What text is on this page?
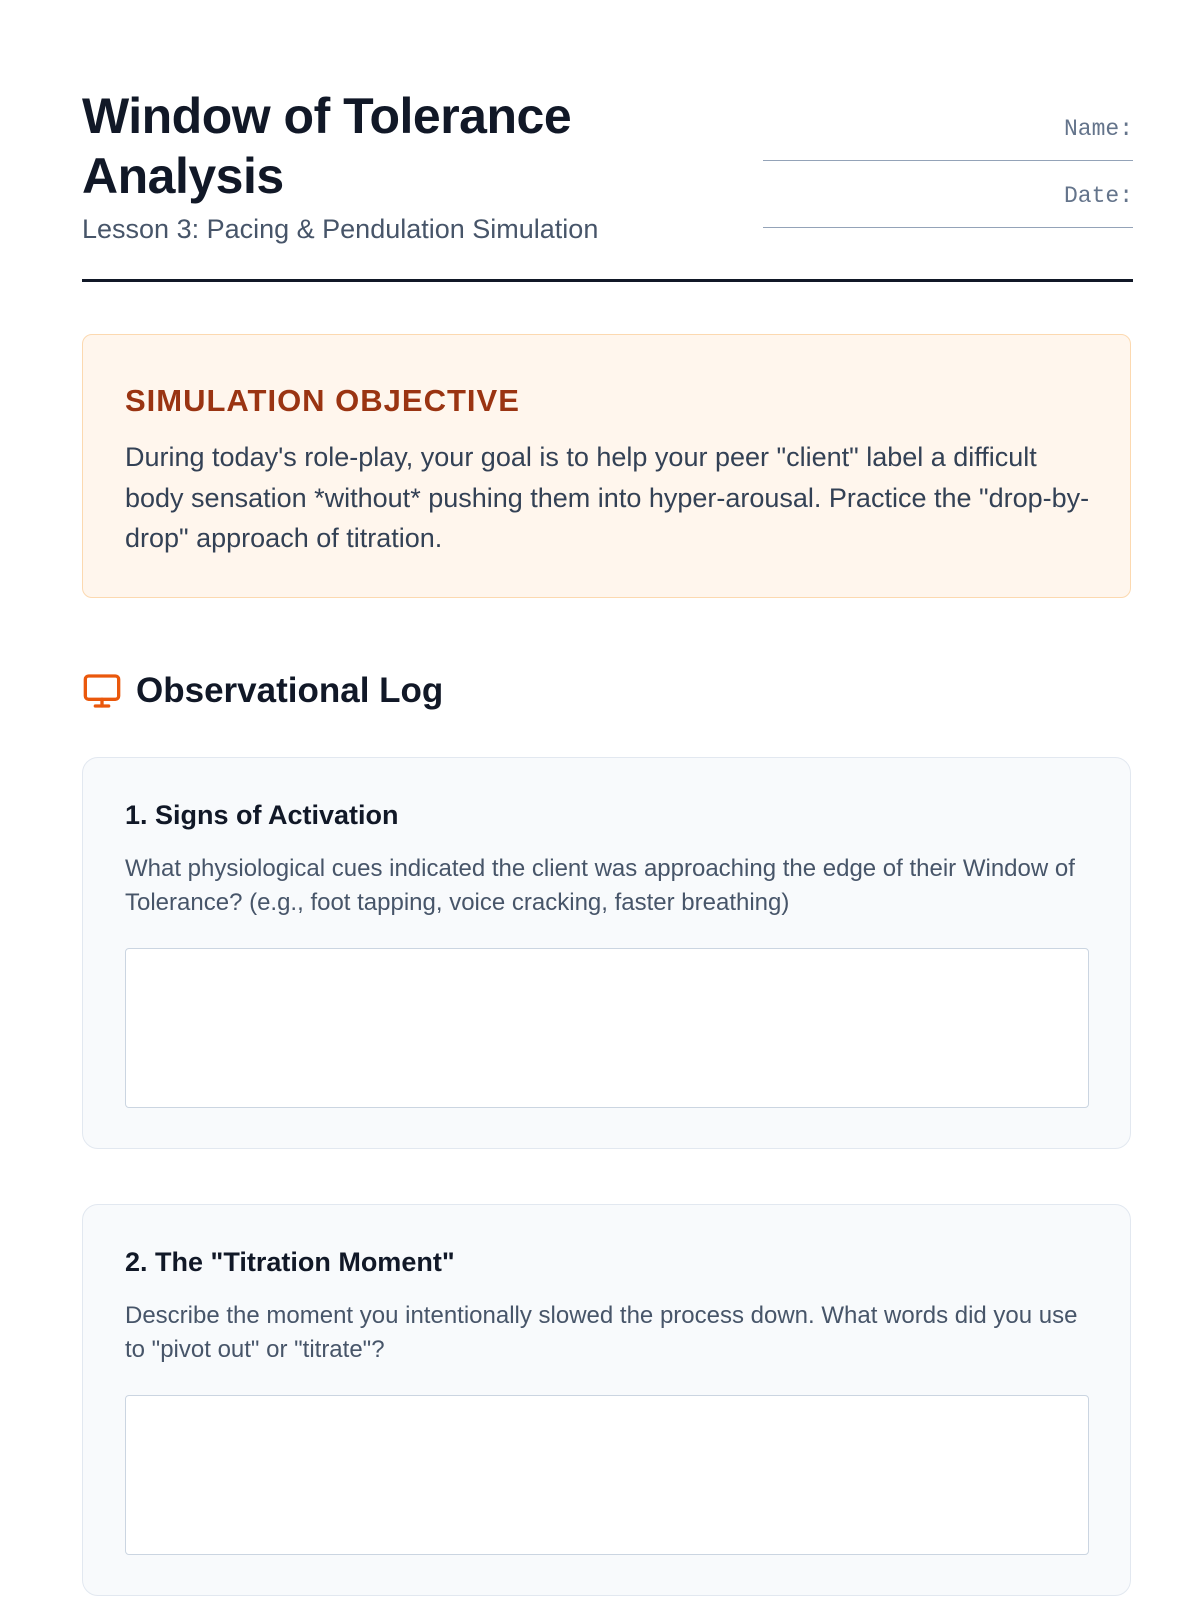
Window of Tolerance Analysis
Lesson 3: Pacing & Pendulation Simulation
Name:
Date:
SIMULATION OBJECTIVE
During today's role-play, your goal is to help your peer "client" label a difficult body sensation *without* pushing them into hyper-arousal. Practice the "drop-by-drop" approach of titration.
Observational Log
1. Signs of Activation
What physiological cues indicated the client was approaching the edge of their Window of Tolerance? (e.g., foot tapping, voice cracking, faster breathing)
2. The "Titration Moment"
Describe the moment you intentionally slowed the process down. What words did you use to "pivot out" or "titrate"?
